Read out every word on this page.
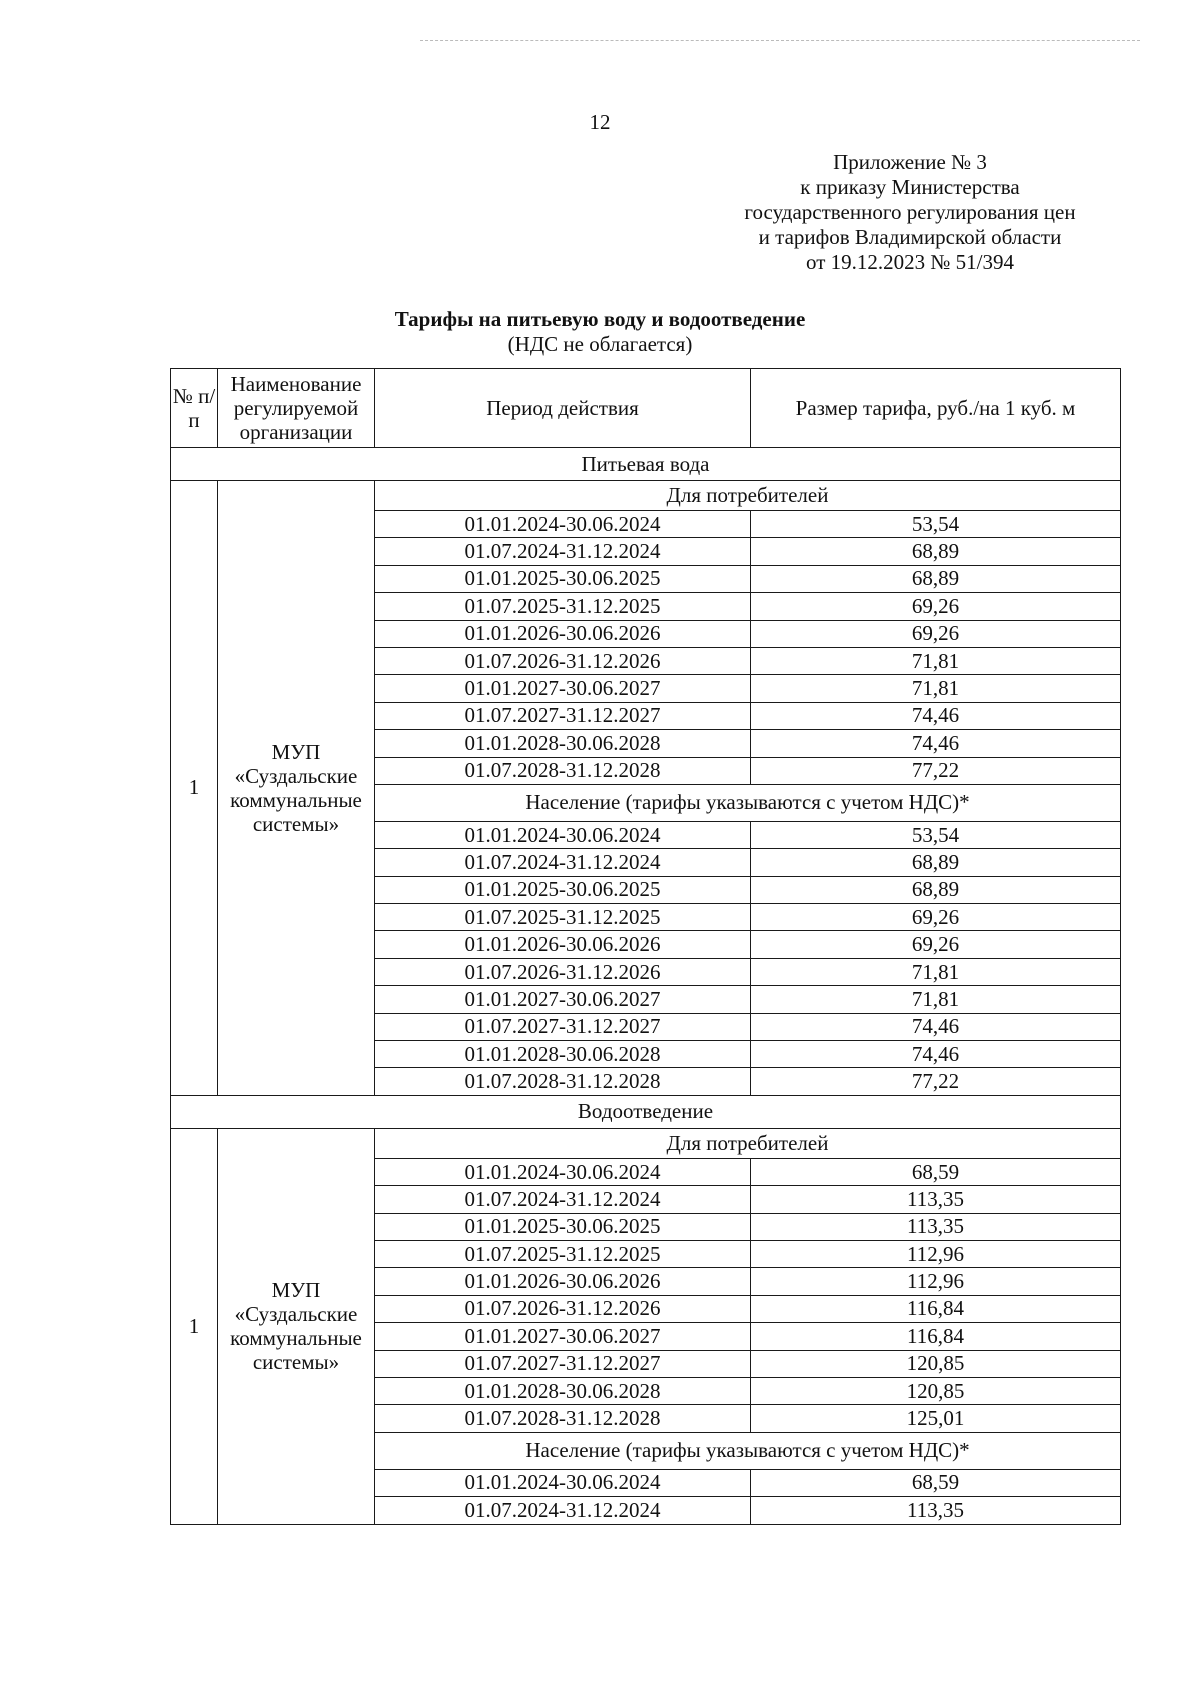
12
Приложение № 3
к приказу Министерства
государственного регулирования цен
и тарифов Владимирской области
от 19.12.2023 № 51/394
Тарифы на питьевую воду и водоотведение
(НДС не облагается)
№ п/п	Наименование регулируемой организации	Период действия	Размер тарифа, руб./на 1 куб. м
Питьевая вода			
1	МУП «Суздальские коммунальные системы»	Для потребителей	
		01.01.2024-30.06.2024	53,54
		01.07.2024-31.12.2024	68,89
		01.01.2025-30.06.2025	68,89
		01.07.2025-31.12.2025	69,26
		01.01.2026-30.06.2026	69,26
		01.07.2026-31.12.2026	71,81
		01.01.2027-30.06.2027	71,81
		01.07.2027-31.12.2027	74,46
		01.01.2028-30.06.2028	74,46
		01.07.2028-31.12.2028	77,22
		Население (тарифы указываются с учетом НДС)*	
		01.01.2024-30.06.2024	53,54
		01.07.2024-31.12.2024	68,89
		01.01.2025-30.06.2025	68,89
		01.07.2025-31.12.2025	69,26
		01.01.2026-30.06.2026	69,26
		01.07.2026-31.12.2026	71,81
		01.01.2027-30.06.2027	71,81
		01.07.2027-31.12.2027	74,46
		01.01.2028-30.06.2028	74,46
		01.07.2028-31.12.2028	77,22
Водоотведение			
1	МУП «Суздальские коммунальные системы»	Для потребителей	
		01.01.2024-30.06.2024	68,59
		01.07.2024-31.12.2024	113,35
		01.01.2025-30.06.2025	113,35
		01.07.2025-31.12.2025	112,96
		01.01.2026-30.06.2026	112,96
		01.07.2026-31.12.2026	116,84
		01.01.2027-30.06.2027	116,84
		01.07.2027-31.12.2027	120,85
		01.01.2028-30.06.2028	120,85
		01.07.2028-31.12.2028	125,01
		Население (тарифы указываются с учетом НДС)*	
		01.01.2024-30.06.2024	68,59
		01.07.2024-31.12.2024	113,35
